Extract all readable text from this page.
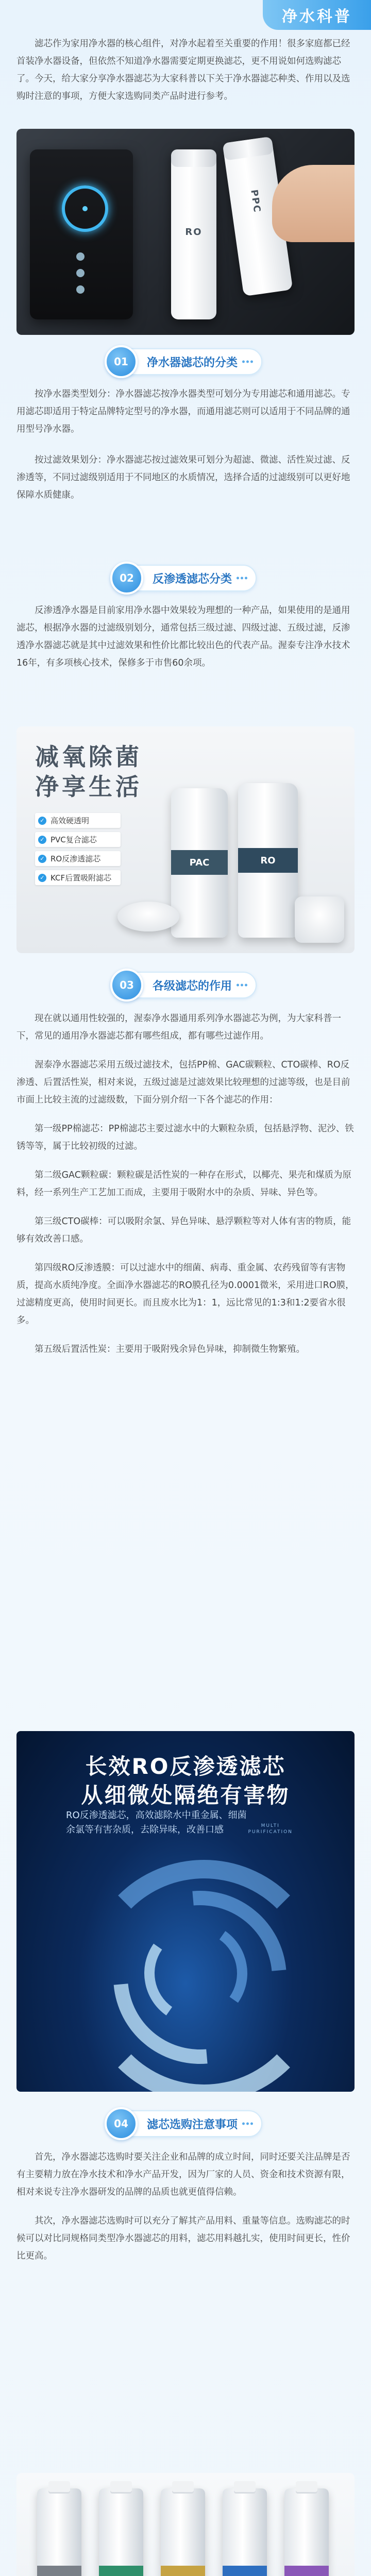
净水科普

滤芯作为家用净水器的核心组件，对净水起着至关重要的作用！很多家庭都已经首装净水器设备，但依然不知道净水器需要定期更换滤芯，更不用说如何选购滤芯了。今天，给大家分享净水器滤芯为大家科普以下关于净水器滤芯种类、作用以及选购时注意的事项，方便大家选购同类产品时进行参考。

RO
PPC
01	净水器滤芯的分类

按净水器类型划分：净水器滤芯按净水器类型可划分为专用滤芯和通用滤芯。专用滤芯即适用于特定品牌特定型号的净水器，而通用滤芯则可以适用于不同品牌的通用型号净水器。

按过滤效果划分：净水器滤芯按过滤效果可划分为超滤、微滤、活性炭过滤、反渗透等，不同过滤级别适用于不同地区的水质情况，选择合适的过滤级别可以更好地保障水质健康。

02	反渗透滤芯分类

反渗透净水器是目前家用净水器中效果较为理想的一种产品，如果使用的是通用滤芯，根据净水器的过滤级别划分，通常包括三级过滤、四级过滤、五级过滤，反渗透净水器滤芯就是其中过滤效果和性价比都比较出色的代表产品。渥泰专注净水技术16年，有多项核心技术，保修多于市售60余项。

减氧除菌
净享生活
✓ 高效硬透明
✓ PVC复合滤芯
✓ RO反渗透滤芯
✓ KCF后置吸附滤芯
PAC	RO
03	各级滤芯的作用

现在就以通用性较强的，渥泰净水器通用系列净水器滤芯为例，为大家科普一下，常见的通用净水器滤芯都有哪些组成，都有哪些过滤作用。

渥泰净水器滤芯采用五级过滤技术，包括PP棉、GAC碳颗粒、CTO碳棒、RO反渗透、后置活性炭，相对来说，五级过滤是过滤效果比较理想的过滤等级，也是目前市面上比较主流的过滤级数，下面分别介绍一下各个滤芯的作用：

第一级PP棉滤芯：PP棉滤芯主要过滤水中的大颗粒杂质，包括悬浮物、泥沙、铁锈等等，属于比较初级的过滤。

第二级GAC颗粒碳：颗粒碳是活性炭的一种存在形式，以椰壳、果壳和煤质为原料，经一系列生产工艺加工而成，主要用于吸附水中的杂质、异味、异色等。

第三级CTO碳棒：可以吸附余氯、异色异味、悬浮颗粒等对人体有害的物质，能够有效改善口感。

第四级RO反渗透膜：可以过滤水中的细菌、病毒、重金属、农药残留等有害物质，提高水质纯净度。全面净水器滤芯的RO膜孔径为0.0001微米，采用进口RO膜，过滤精度更高，使用时间更长。而且废水比为1：1，远比常见的1:3和1:2要省水很多。

第五级后置活性炭：主要用于吸附残余异色异味，抑制微生物繁殖。

长效RO反渗透滤芯
从细微处隔绝有害物
RO反渗透滤芯，高效滤除水中重金属、细菌
余氯等有害杂质，去除异味，改善口感	MULTI
PURIFICATION
04	滤芯选购注意事项

首先，净水器滤芯选购时要关注企业和品牌的成立时间，同时还要关注品牌是否有主要精力放在净水技术和净水产品开发，因为厂家的人员、资金和技术资源有限，相对来说专注净水器研发的品牌的品质也就更值得信赖。

其次，净水器滤芯选购时可以充分了解其产品用料、重量等信息。选购滤芯的时候可以对比同规格同类型净水器滤芯的用料，滤芯用料越扎实，使用时间更长，性价比更高。
